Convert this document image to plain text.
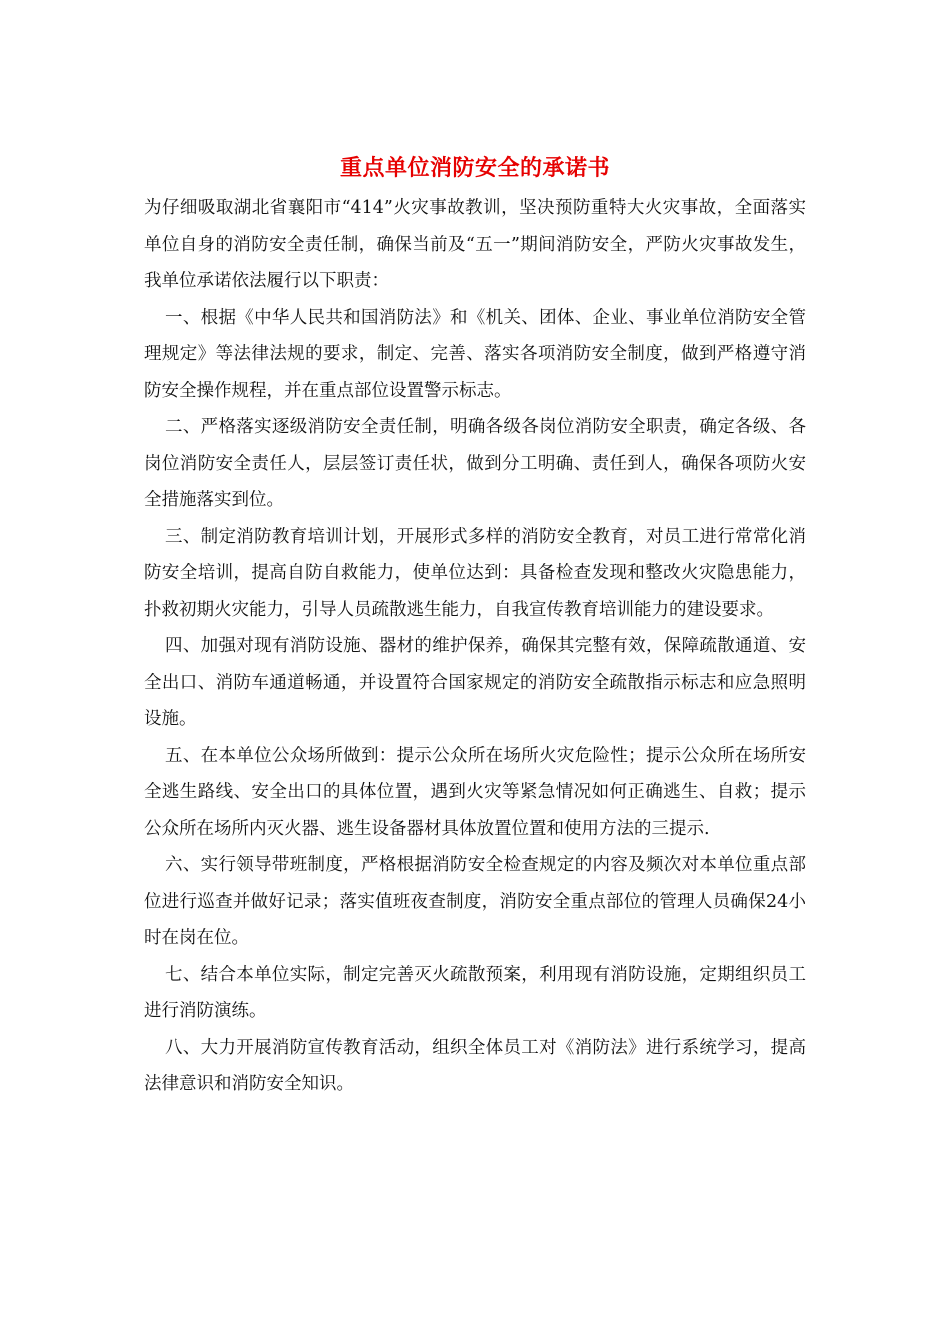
重点单位消防安全的承诺书

为仔细吸取湖北省襄阳市“414”火灾事故教训，坚决预防重特大火灾事故，全面落实单位自身的消防安全责任制，确保当前及“五一”期间消防安全，严防火灾事故发生，我单位承诺依法履行以下职责：

一、根据《中华人民共和国消防法》和《机关、团体、企业、事业单位消防安全管理规定》等法律法规的要求，制定、完善、落实各项消防安全制度，做到严格遵守消防安全操作规程，并在重点部位设置警示标志。

二、严格落实逐级消防安全责任制，明确各级各岗位消防安全职责，确定各级、各岗位消防安全责任人，层层签订责任状，做到分工明确、责任到人，确保各项防火安全措施落实到位。

三、制定消防教育培训计划，开展形式多样的消防安全教育，对员工进行常常化消防安全培训，提高自防自救能力，使单位达到：具备检查发现和整改火灾隐患能力，扑救初期火灾能力，引导人员疏散逃生能力，自我宣传教育培训能力的建设要求。

四、加强对现有消防设施、器材的维护保养，确保其完整有效，保障疏散通道、安全出口、消防车通道畅通，并设置符合国家规定的消防安全疏散指示标志和应急照明设施。

五、在本单位公众场所做到：提示公众所在场所火灾危险性；提示公众所在场所安全逃生路线、安全出口的具体位置，遇到火灾等紧急情况如何正确逃生、自救；提示公众所在场所内灭火器、逃生设备器材具体放置位置和使用方法的三提示.

六、实行领导带班制度，严格根据消防安全检查规定的内容及频次对本单位重点部位进行巡查并做好记录；落实值班夜查制度，消防安全重点部位的管理人员确保24小时在岗在位。

七、结合本单位实际，制定完善灭火疏散预案，利用现有消防设施，定期组织员工进行消防演练。

八、大力开展消防宣传教育活动，组织全体员工对《消防法》进行系统学习，提高法律意识和消防安全知识。
